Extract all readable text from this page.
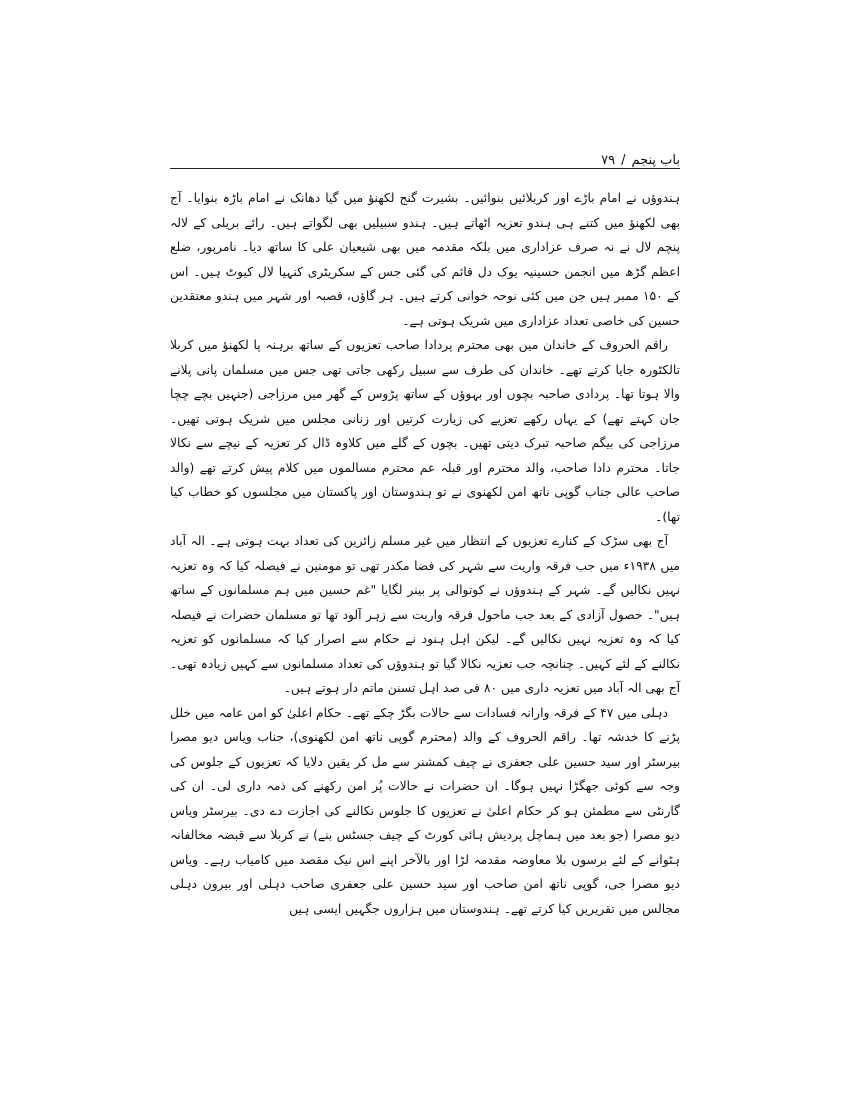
باب پنجم
/
۷۹

ہندوؤں نے امام باڑے اور کربلائیں بنوائیں۔ بشیرت گنج لکھنؤ میں گیا دھانک نے امام باڑہ بنوایا۔ آج بھی لکھنؤ میں کتنے ہی ہندو تعزیہ اٹھاتے ہیں۔ ہندو سبیلیں بھی لگواتے ہیں۔ رائے بریلی کے لالہ پنچم لال نے نہ صرف عزاداری میں بلکہ مقدمہ میں بھی شیعیان علی کا ساتھ دیا۔ نامرپور، ضلع اعظم گڑھ میں انجمن حسینیہ یوک دل قائم کی گئی جس کے سکریٹری کنہیا لال کیوٹ ہیں۔ اس کے ۱۵۰ ممبر ہیں جن میں کئی نوحہ خوانی کرتے ہیں۔ ہر گاؤں، قصبہ اور شہر میں ہندو معتقدین حسین کی خاصی تعداد عزاداری میں شریک ہوتی ہے۔

راقم الحروف کے خاندان میں بھی محترم پردادا صاحب تعزیوں کے ساتھ برہنہ پا لکھنؤ میں کربلا تالکٹورہ جایا کرتے تھے۔ خاندان کی طرف سے سبیل رکھی جاتی تھی جس میں مسلمان پانی پلانے والا ہوتا تھا۔ پردادی صاحبہ بچوں اور بہوؤں کے ساتھ پڑوس کے گھر میں مرزاجی (جنہیں بچے چچا جان کہتے تھے) کے یہاں رکھے تعزیے کی زیارت کرتیں اور زنانی مجلس میں شریک ہوتی تھیں۔ مرزاجی کی بیگم صاحبہ تبرک دیتی تھیں۔ بچوں کے گلے میں کلاوہ ڈال کر تعزیہ کے نیچے سے نکالا جاتا۔ محترم دادا صاحب، والد محترم اور قبلہ عم محترم مسالموں میں کلام پیش کرتے تھے (والد صاحب عالی جناب گوپی ناتھ امن لکھنوی نے تو ہندوستان اور پاکستان میں مجلسوں کو خطاب کیا تھا)۔

آج بھی سڑک کے کنارے تعزیوں کے انتظار میں غیر مسلم زائرین کی تعداد بہت ہوتی ہے۔ الہ آباد میں ۱۹۳۸ء میں جب فرقہ واریت سے شہر کی فضا مکدر تھی تو مومنین نے فیصلہ کیا کہ وہ تعزیہ نہیں نکالیں گے۔ شہر کے ہندوؤں نے کوتوالی پر بینر لگایا "غم حسین میں ہم مسلمانوں کے ساتھ ہیں"۔ حصول آزادی کے بعد جب ماحول فرقہ واریت سے زہر آلود تھا تو مسلمان حضرات نے فیصلہ کیا کہ وہ تعزیہ نہیں نکالیں گے۔ لیکن اہل ہنود نے حکام سے اصرار کیا کہ مسلمانوں کو تعزیہ نکالنے کے لئے کہیں۔ چنانچہ جب تعزیہ نکالا گیا تو ہندوؤں کی تعداد مسلمانوں سے کہیں زیادہ تھی۔ آج بھی الہ آباد میں تعزیہ داری میں ۸۰ فی صد اہل تسنن ماتم دار ہوتے ہیں۔

دہلی میں ۴۷ کے فرقہ وارانہ فسادات سے حالات بگڑ چکے تھے۔ حکام اعلیٰ کو امن عامہ میں خلل پڑنے کا خدشہ تھا۔ راقم الحروف کے والد (محترم گوپی ناتھ امن لکھنوی)، جناب ویاس دیو مصرا بیرسٹر اور سید حسین علی جعفری نے چیف کمشنر سے مل کر یقین دلایا کہ تعزیوں کے جلوس کی وجہ سے کوئی جھگڑا نہیں ہوگا۔ ان حضرات نے حالات پُر امن رکھنے کی ذمہ داری لی۔ ان کی گارنٹی سے مطمئن ہو کر حکام اعلیٰ نے تعزیوں کا جلوس نکالنے کی اجازت دے دی۔ بیرسٹر ویاس دیو مصرا (جو بعد میں ہماچل پردیش ہائی کورٹ کے چیف جسٹس بنے) نے کربلا سے قبضہ مخالفانہ ہٹوانے کے لئے برسوں بلا معاوضہ مقدمہ لڑا اور بالآخر اپنے اس نیک مقصد میں کامیاب رہے۔ ویاس دیو مصرا جی، گوپی ناتھ امن صاحب اور سید حسین علی جعفری صاحب دہلی اور بیرون دہلی مجالس میں تقریریں کیا کرتے تھے۔ ہندوستان میں ہزاروں جگہیں ایسی ہیں
